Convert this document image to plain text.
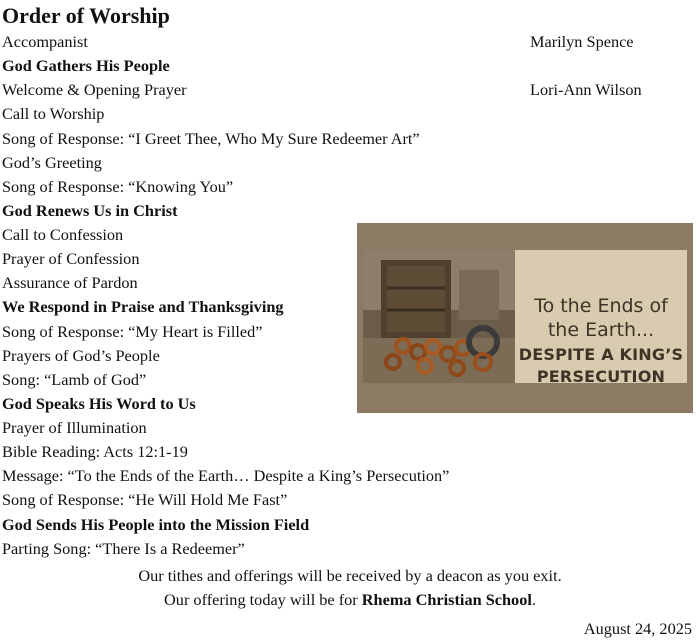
Order of Worship
Accompanist	Marilyn Spence
God Gathers His People
Welcome & Opening Prayer	Lori-Ann Wilson
Call to Worship
Song of Response: “I Greet Thee, Who My Sure Redeemer Art”
God’s Greeting
Song of Response: “Knowing You”
God Renews Us in Christ
Call to Confession
Prayer of Confession
Assurance of Pardon
We Respond in Praise and Thanksgiving
Song of Response: “My Heart is Filled”
Prayers of God’s People
Song: “Lamb of God”
God Speaks His Word to Us
Prayer of Illumination
Bible Reading: Acts 12:1-19
Message: “To the Ends of the Earth… Despite a King’s Persecution”
Song of Response: “He Will Hold Me Fast”
God Sends His People into the Mission Field
Parting Song: “There Is a Redeemer”
To the Ends of
the Earth...
DESPITE A KING’S
PERSECUTION
Our tithes and offerings will be received by a deacon as you exit.
Our offering today will be for Rhema Christian School.
August 24, 2025
